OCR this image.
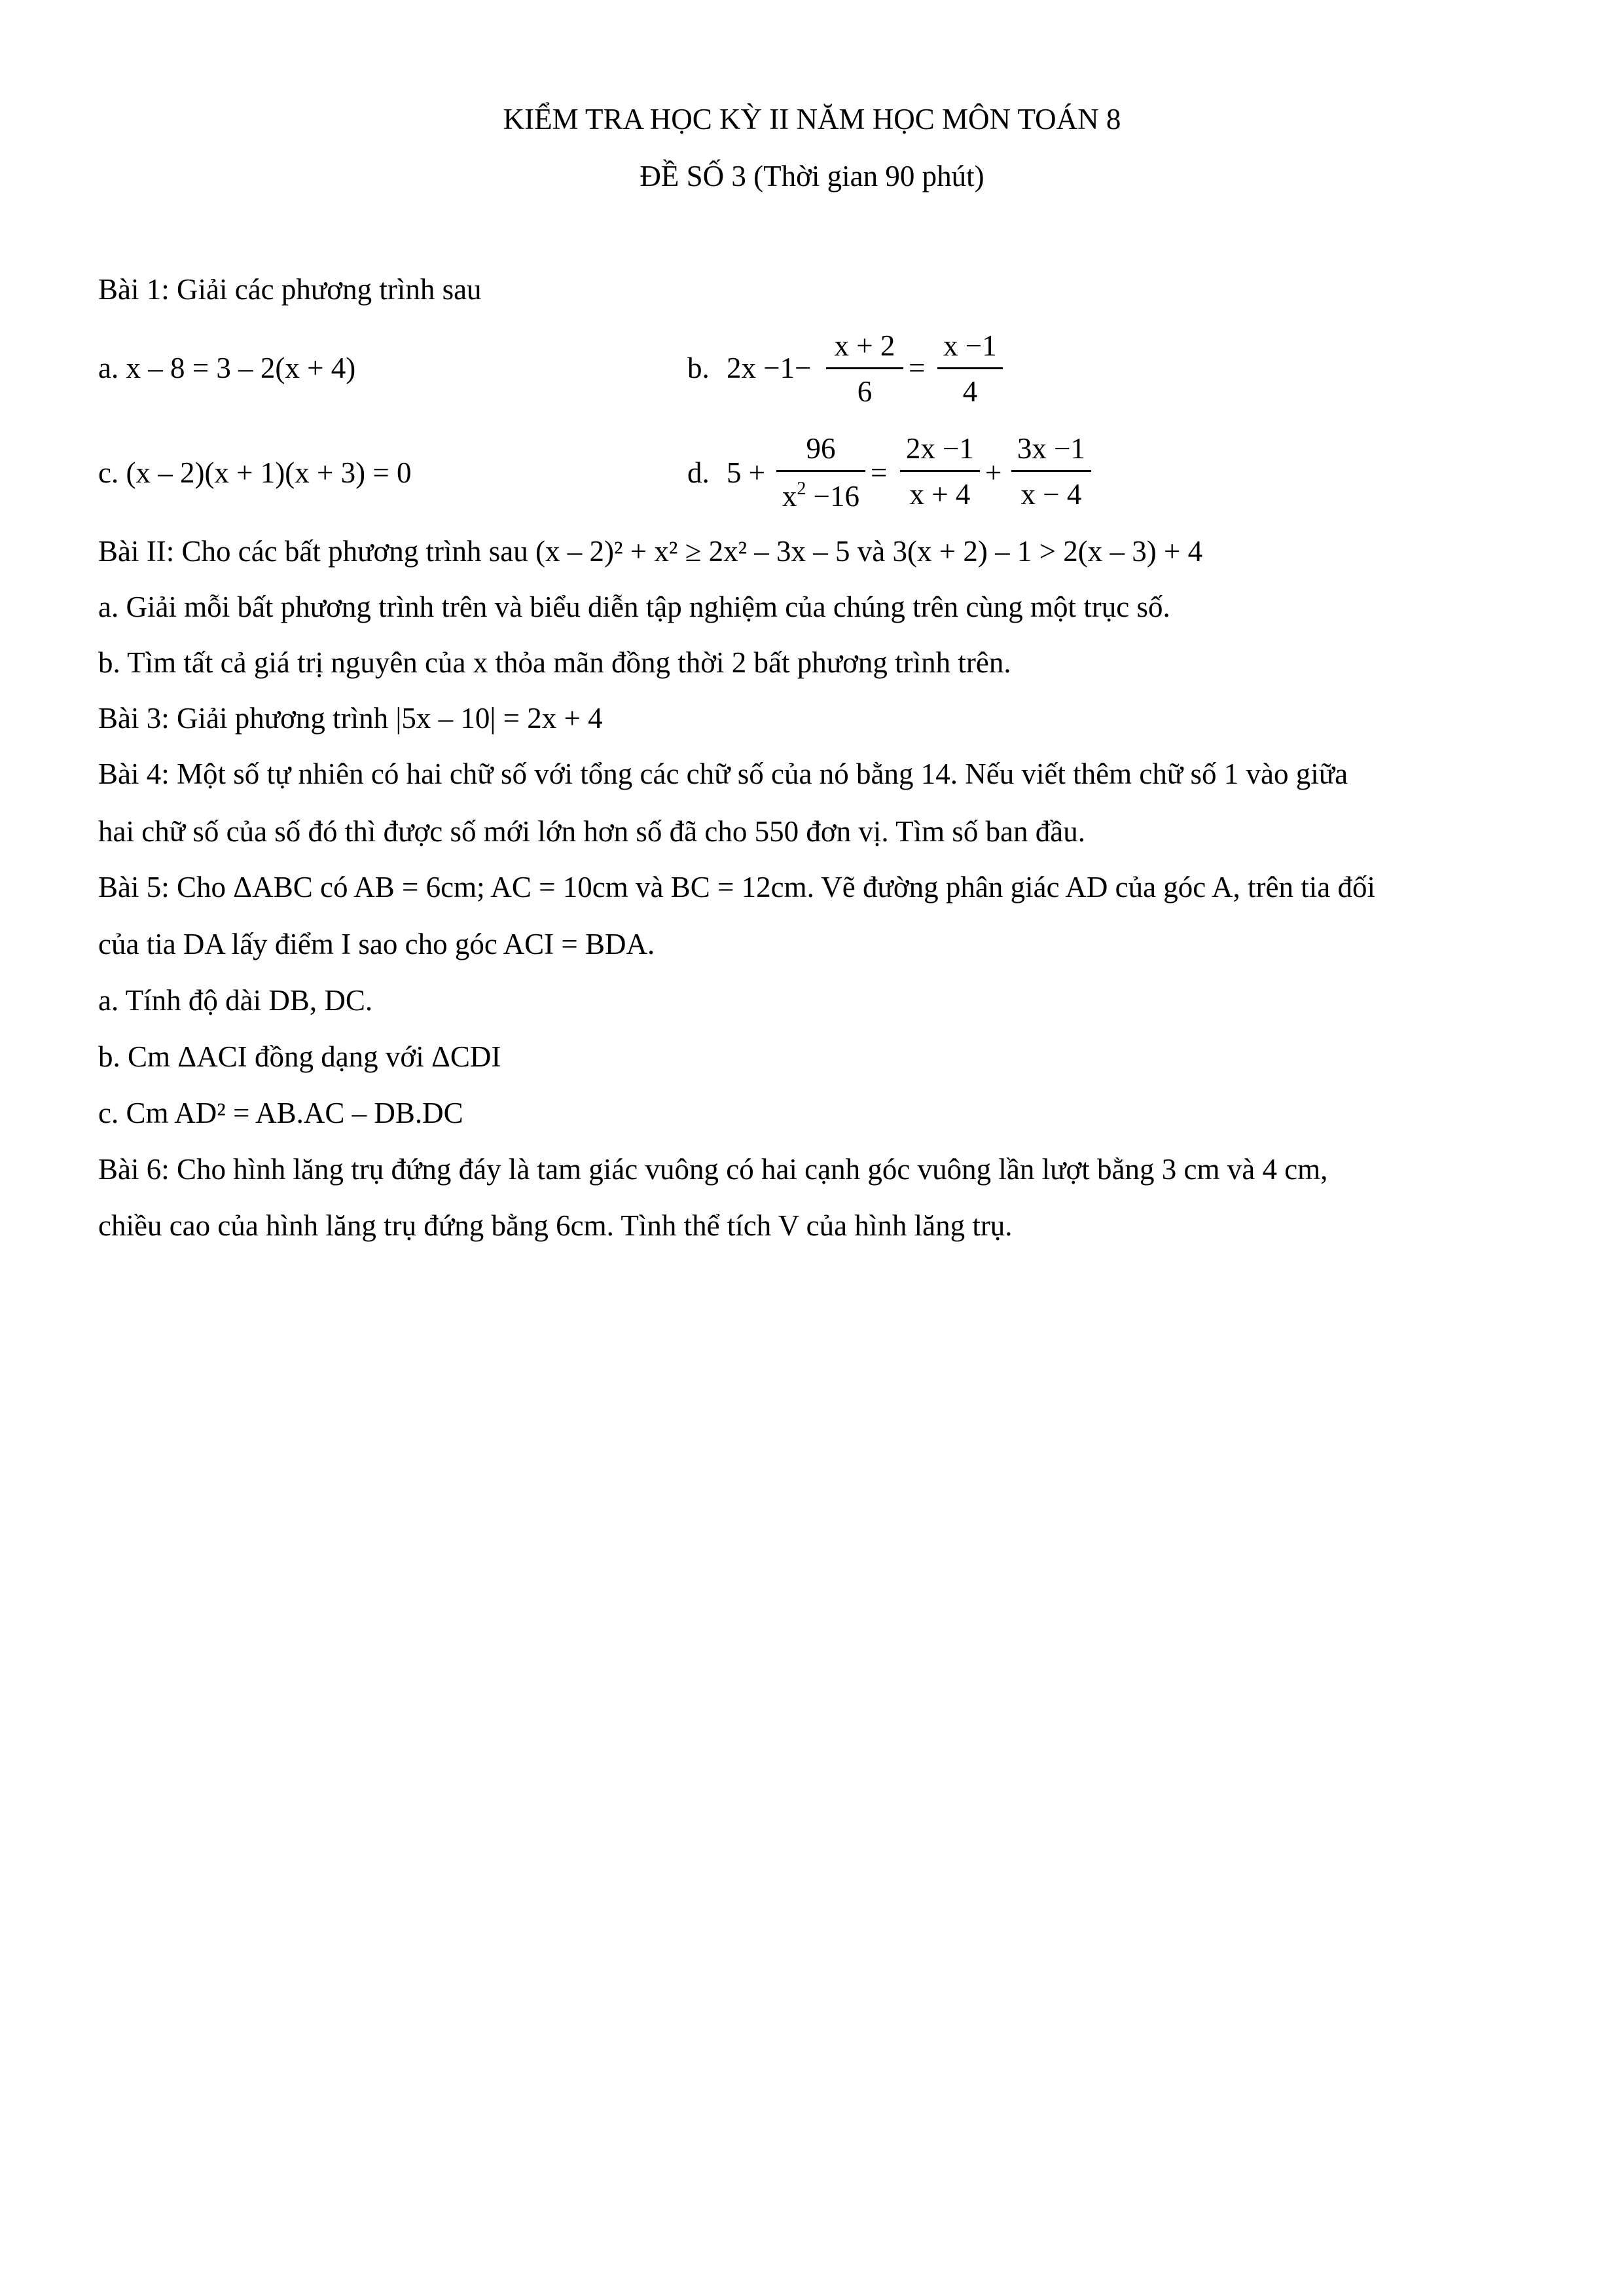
KIỂM TRA HỌC KỲ II NĂM HỌC MÔN TOÁN 8
ĐỀ SỐ 3 (Thời gian 90 phút)
Bài 1: Giải các phương trình sau
a. x – 8 = 3 – 2(x + 4)	b. 2x −1−
x + 2
6
=
x −1
4
c. (x – 2)(x + 1)(x + 3) = 0	d. 5 +
96
$x^2 -16$
=
2x −1
x + 4
+
3x −1
x − 4
Bài II: Cho các bất phương trình sau (x – 2)² + x² ≥ 2x² – 3x – 5 và 3(x + 2) – 1 > 2(x – 3) + 4
a. Giải mỗi bất phương trình trên và biểu diễn tập nghiệm của chúng trên cùng một trục số.
b. Tìm tất cả giá trị nguyên của x thỏa mãn đồng thời 2 bất phương trình trên.
Bài 3: Giải phương trình |5x – 10| = 2x + 4
Bài 4: Một số tự nhiên có hai chữ số với tổng các chữ số của nó bằng 14. Nếu viết thêm chữ số 1 vào giữa
hai chữ số của số đó thì được số mới lớn hơn số đã cho 550 đơn vị. Tìm số ban đầu.
Bài 5: Cho ΔABC có AB = 6cm; AC = 10cm và BC = 12cm. Vẽ đường phân giác AD của góc A, trên tia đối
của tia DA lấy điểm I sao cho góc ACI = BDA.
a. Tính độ dài DB, DC.
b. Cm ΔACI đồng dạng với ΔCDI
c. Cm AD² = AB.AC – DB.DC
Bài 6: Cho hình lăng trụ đứng đáy là tam giác vuông có hai cạnh góc vuông lần lượt bằng 3 cm và 4 cm,
chiều cao của hình lăng trụ đứng bằng 6cm. Tình thể tích V của hình lăng trụ.
